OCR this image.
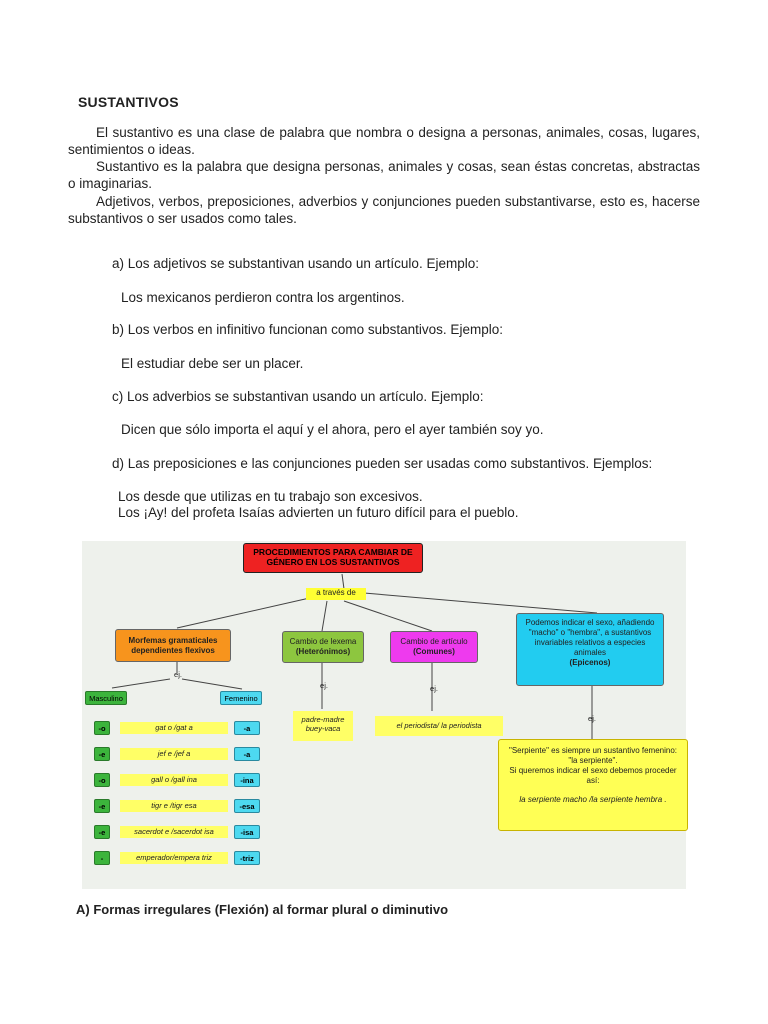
SUSTANTIVOS
El sustantivo es una clase de palabra que nombra o designa a personas, animales, cosas, lugares, sentimientos o ideas.
Sustantivo es la palabra que designa personas, animales y cosas, sean éstas concretas, abstractas o imaginarias.
Adjetivos, verbos, preposiciones, adverbios y conjunciones pueden substantivarse, esto es, hacerse substantivos o ser usados como tales.
a) Los adjetivos se substantivan usando un artículo. Ejemplo:
Los mexicanos perdieron contra los argentinos.
b) Los verbos en infinitivo funcionan como substantivos. Ejemplo:
El estudiar debe ser un placer.
c) Los adverbios se substantivan usando un artículo. Ejemplo:
Dicen que sólo importa el aquí y el ahora, pero el ayer también soy yo.
d) Las preposiciones e las conjunciones pueden ser usadas como substantivos. Ejemplos:
Los desde que utilizas en tu trabajo son excesivos.
Los ¡Ay! del profeta Isaías advierten un futuro difícil para el pueblo.
PROCEDIMIENTOS PARA CAMBIAR DE GÉNERO EN LOS SUSTANTIVOS
a través de
Morfemas gramaticales dependientes flexivos
Cambio de lexema
(Heterónimos)
Cambio de artículo
(Comunes)
Podemos indicar el sexo, añadiendo "macho" o "hembra", a sustantivos invariables relativos a especies animales
(Epicenos)
ej.
ej.	ej.
ej.
Masculino	Femenino
-o	gat o /gat a	-a
-e	jef e /jef a	-a
-o	gall o /gall ina	-ina
-e	tigr e /tigr esa	-esa
-e	sacerdot e /sacerdot isa	-isa
-	emperador/empera triz	-triz
padre-madre buey-vaca	el periodista/ la periodista
"Serpiente" es siempre un sustantivo femenino: "la serpiente".
Si queremos indicar el sexo debemos proceder así:
la serpiente macho /la serpiente hembra .
A) Formas irregulares (Flexión) al formar plural o diminutivo
